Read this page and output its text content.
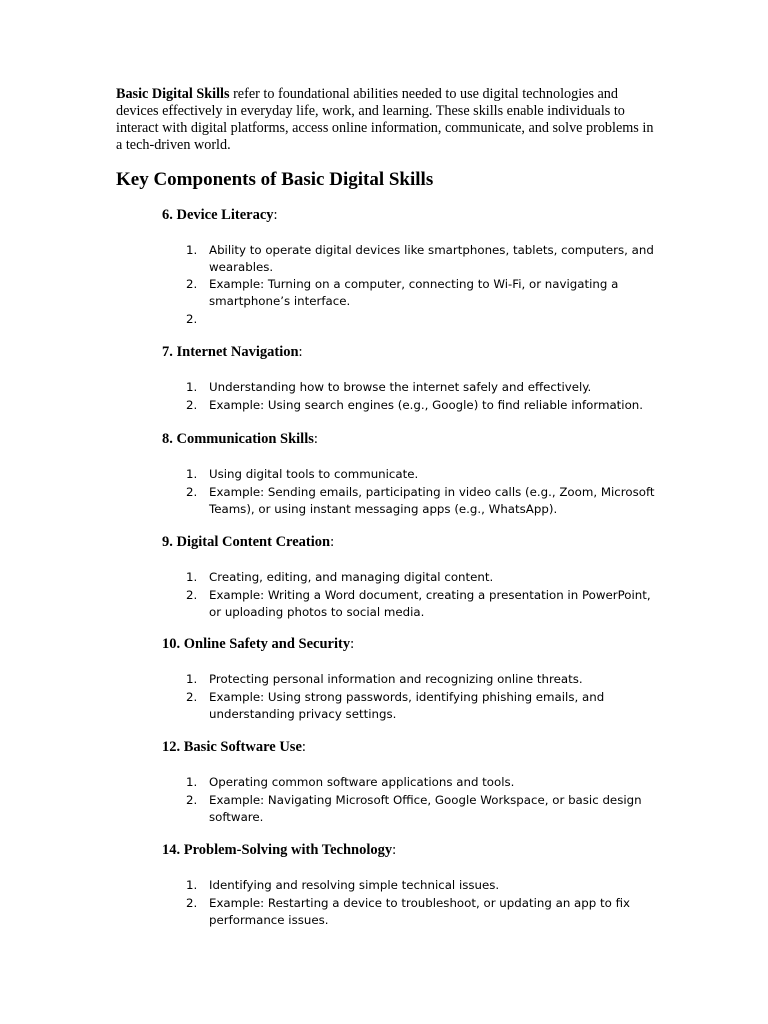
Basic Digital Skills refer to foundational abilities needed to use digital technologies and devices effectively in everyday life, work, and learning. These skills enable individuals to interact with digital platforms, access online information, communicate, and solve problems in a tech-driven world.

Key Components of Basic Digital Skills

6. Device Literacy:

1. Ability to operate digital devices like smartphones, tablets, computers, and wearables.
2. Example: Turning on a computer, connecting to Wi-Fi, or navigating a smartphone’s interface.
2.

7. Internet Navigation:

1. Understanding how to browse the internet safely and effectively.
2. Example: Using search engines (e.g., Google) to find reliable information.

8. Communication Skills:

1. Using digital tools to communicate.
2. Example: Sending emails, participating in video calls (e.g., Zoom, Microsoft Teams), or using instant messaging apps (e.g., WhatsApp).

9. Digital Content Creation:

1. Creating, editing, and managing digital content.
2. Example: Writing a Word document, creating a presentation in PowerPoint, or uploading photos to social media.

10. Online Safety and Security:

1. Protecting personal information and recognizing online threats.
2. Example: Using strong passwords, identifying phishing emails, and understanding privacy settings.

12. Basic Software Use:

1. Operating common software applications and tools.
2. Example: Navigating Microsoft Office, Google Workspace, or basic design software.

14. Problem-Solving with Technology:

1. Identifying and resolving simple technical issues.
2. Example: Restarting a device to troubleshoot, or updating an app to fix performance issues.
